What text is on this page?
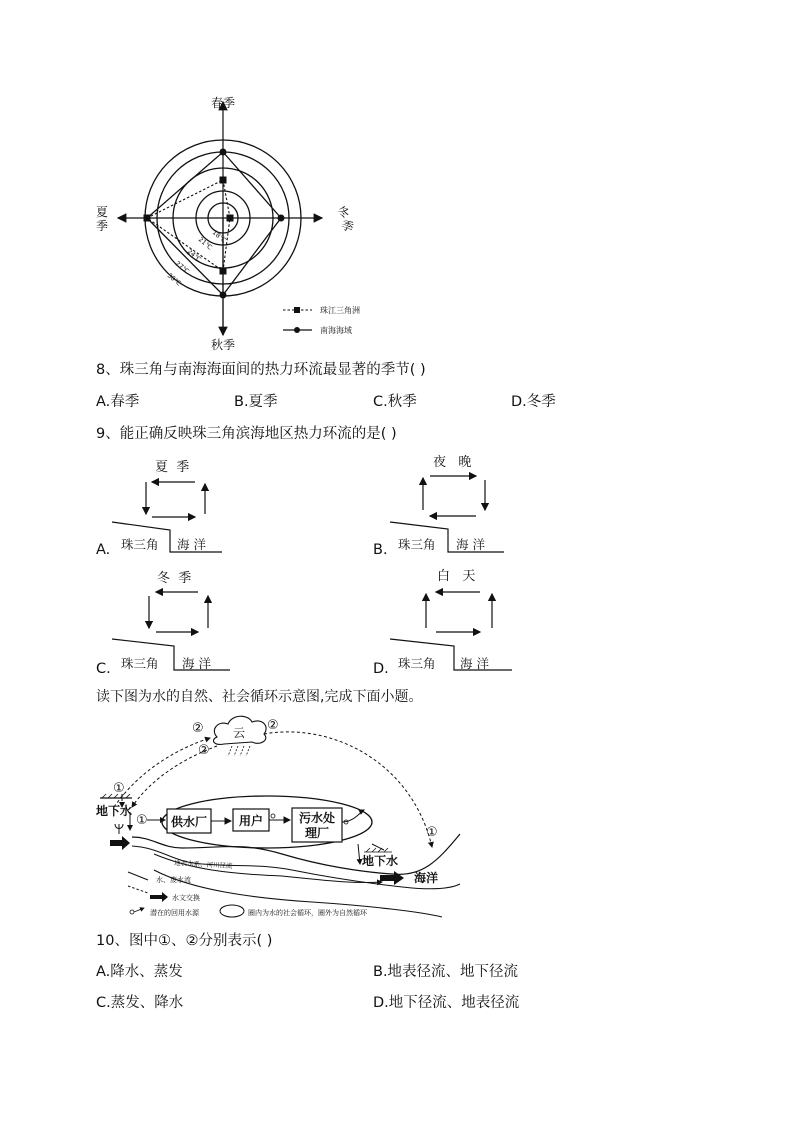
18℃
21℃
24℃
27℃
30℃
春季
秋季
夏
季
冬
季
珠江三角洲
南海海域
8、珠三角与南海海面间的热力环流最显著的季节( )
A.春季	B.夏季	C.秋季	D.冬季
9、能正确反映珠三角滨海地区热力环流的是( )
A.
夏  季
珠三角 海 洋	B.
夜   晚
珠三角 海 洋
C.
冬  季
珠三角 海 洋	D.
白   天
珠三角 海 洋
读下图为水的自然、社会循环示意图,完成下面小题。
云
②	②
②
①
①
地下水
供水厂	用户	污水处
理厂
①
地下水
地表水系、河川径流
海洋
水、废水流
水文交换
潜在的回用水源	圈内为水的社会循环，圈外为自然循环
10、图中①、②分别表示( )
A.降水、蒸发	B.地表径流、地下径流
C.蒸发、降水	D.地下径流、地表径流
